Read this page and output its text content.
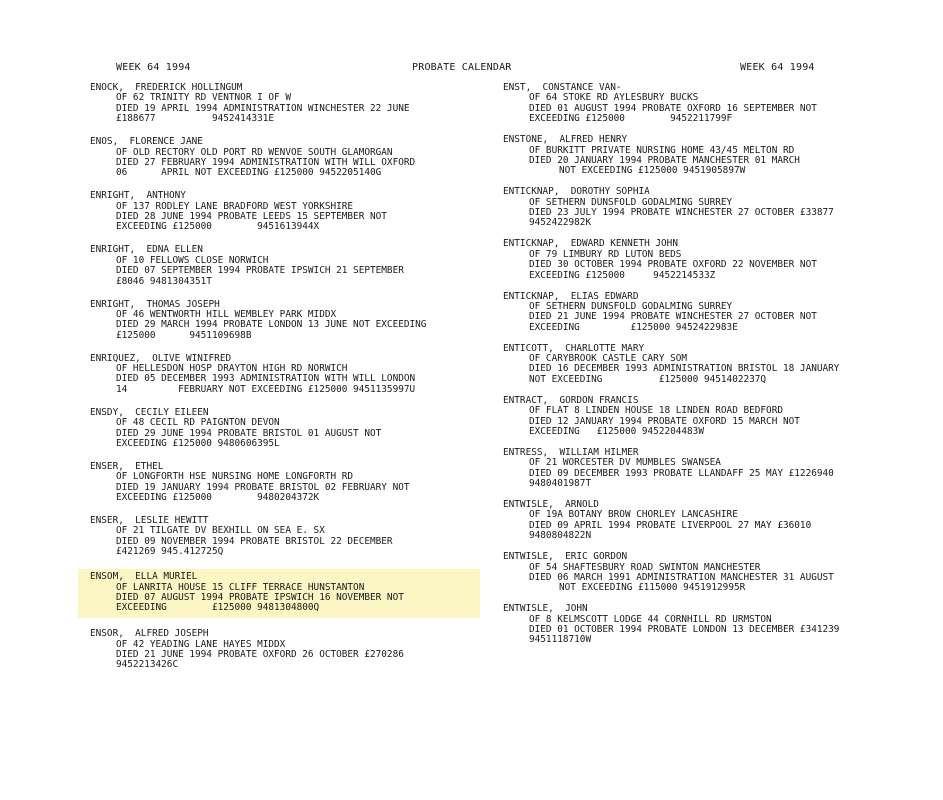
WEEK 64 1994	PROBATE CALENDAR	WEEK 64 1994
ENOCK,  FREDERICK HOLLINGUM
OF 62 TRINITY RD VENTNOR I OF W
DIED 19 APRIL 1994 ADMINISTRATION WINCHESTER 22 JUNE
£188677          9452414331E
ENOS,  FLORENCE JANE
OF OLD RECTORY OLD PORT RD WENVOE SOUTH GLAMORGAN
DIED 27 FEBRUARY 1994 ADMINISTRATION WITH WILL OXFORD
06      APRIL NOT EXCEEDING £125000 9452205140G
ENRIGHT,  ANTHONY
OF 137 RODLEY LANE BRADFORD WEST YORKSHIRE
DIED 28 JUNE 1994 PROBATE LEEDS 15 SEPTEMBER NOT
EXCEEDING £125000        9451613944X
ENRIGHT,  EDNA ELLEN
OF 10 FELLOWS CLOSE NORWICH
DIED 07 SEPTEMBER 1994 PROBATE IPSWICH 21 SEPTEMBER
£8046 9481304351T
ENRIGHT,  THOMAS JOSEPH
OF 46 WENTWORTH HILL WEMBLEY PARK MIDDX
DIED 29 MARCH 1994 PROBATE LONDON 13 JUNE NOT EXCEEDING
£125000      9451109698B
ENRIQUEZ,  OLIVE WINIFRED
OF HELLESDON HOSP DRAYTON HIGH RD NORWICH
DIED 05 DECEMBER 1993 ADMINISTRATION WITH WILL LONDON
14         FEBRUARY NOT EXCEEDING £125000 9451135997U
ENSDY,  CECILY EILEEN
OF 48 CECIL RD PAIGNTON DEVON
DIED 29 JUNE 1994 PROBATE BRISTOL 01 AUGUST NOT
EXCEEDING £125000 9480606395L
ENSER,  ETHEL
OF LONGFORTH HSE NURSING HOME LONGFORTH RD
DIED 19 JANUARY 1994 PROBATE BRISTOL 02 FEBRUARY NOT
EXCEEDING £125000        9480204372K
ENSER,  LESLIE HEWITT
OF 21 TILGATE DV BEXHILL ON SEA E. SX
DIED 09 NOVEMBER 1994 PROBATE BRISTOL 22 DECEMBER
£421269 945.412725Q
ENSOM,  ELLA MURIEL
OF LANRITA HOUSE 15 CLIFF TERRACE HUNSTANTON
DIED 07 AUGUST 1994 PROBATE IPSWICH 16 NOVEMBER NOT
EXCEEDING        £125000 9481304800Q
ENSOR,  ALFRED JOSEPH
OF 42 YEADING LANE HAYES MIDDX
DIED 21 JUNE 1994 PROBATE OXFORD 26 OCTOBER £270286
9452213426C
ENST,  CONSTANCE VAN-
OF 64 STOKE RD AYLESBURY BUCKS
DIED 01 AUGUST 1994 PROBATE OXFORD 16 SEPTEMBER NOT
EXCEEDING £125000        9452211799F
ENSTONE,  ALFRED HENRY
OF BURKITT PRIVATE NURSING HOME 43/45 MELTON RD
DIED 20 JANUARY 1994 PROBATE MANCHESTER 01 MARCH
NOT EXCEEDING £125000 9451905897W
ENTICKNAP,  DOROTHY SOPHIA
OF SETHERN DUNSFOLD GODALMING SURREY
DIED 23 JULY 1994 PROBATE WINCHESTER 27 OCTOBER £33877
9452422982K
ENTICKNAP,  EDWARD KENNETH JOHN
OF 79 LIMBURY RD LUTON BEDS
DIED 30 OCTOBER 1994 PROBATE OXFORD 22 NOVEMBER NOT
EXCEEDING £125000     9452214533Z
ENTICKNAP,  ELIAS EDWARD
OF SETHERN DUNSFOLD GODALMING SURREY
DIED 21 JUNE 1994 PROBATE WINCHESTER 27 OCTOBER NOT
EXCEEDING         £125000 9452422983E
ENTICOTT,  CHARLOTTE MARY
OF CARYBROOK CASTLE CARY SOM
DIED 16 DECEMBER 1993 ADMINISTRATION BRISTOL 18 JANUARY
NOT EXCEEDING          £125000 9451402237Q
ENTRACT,  GORDON FRANCIS
OF FLAT 8 LINDEN HOUSE 18 LINDEN ROAD BEDFORD
DIED 12 JANUARY 1994 PROBATE OXFORD 15 MARCH NOT
EXCEEDING   £125000 9452204483W
ENTRESS,  WILLIAM HILMER
OF 21 WORCESTER DV MUMBLES SWANSEA
DIED 09 DECEMBER 1993 PROBATE LLANDAFF 25 MAY £1226940
9480401987T
ENTWISLE,  ARNOLD
OF 19A BOTANY BROW CHORLEY LANCASHIRE
DIED 09 APRIL 1994 PROBATE LIVERPOOL 27 MAY £36010
9480804822N
ENTWISLE,  ERIC GORDON
OF 54 SHAFTESBURY ROAD SWINTON MANCHESTER
DIED 06 MARCH 1991 ADMINISTRATION MANCHESTER 31 AUGUST
NOT EXCEEDING £115000 9451912995R
ENTWISLE,  JOHN
OF 8 KELMSCOTT LODGE 44 CORNHILL RD URMSTON
DIED 01 OCTOBER 1994 PROBATE LONDON 13 DECEMBER £341239
9451118710W
